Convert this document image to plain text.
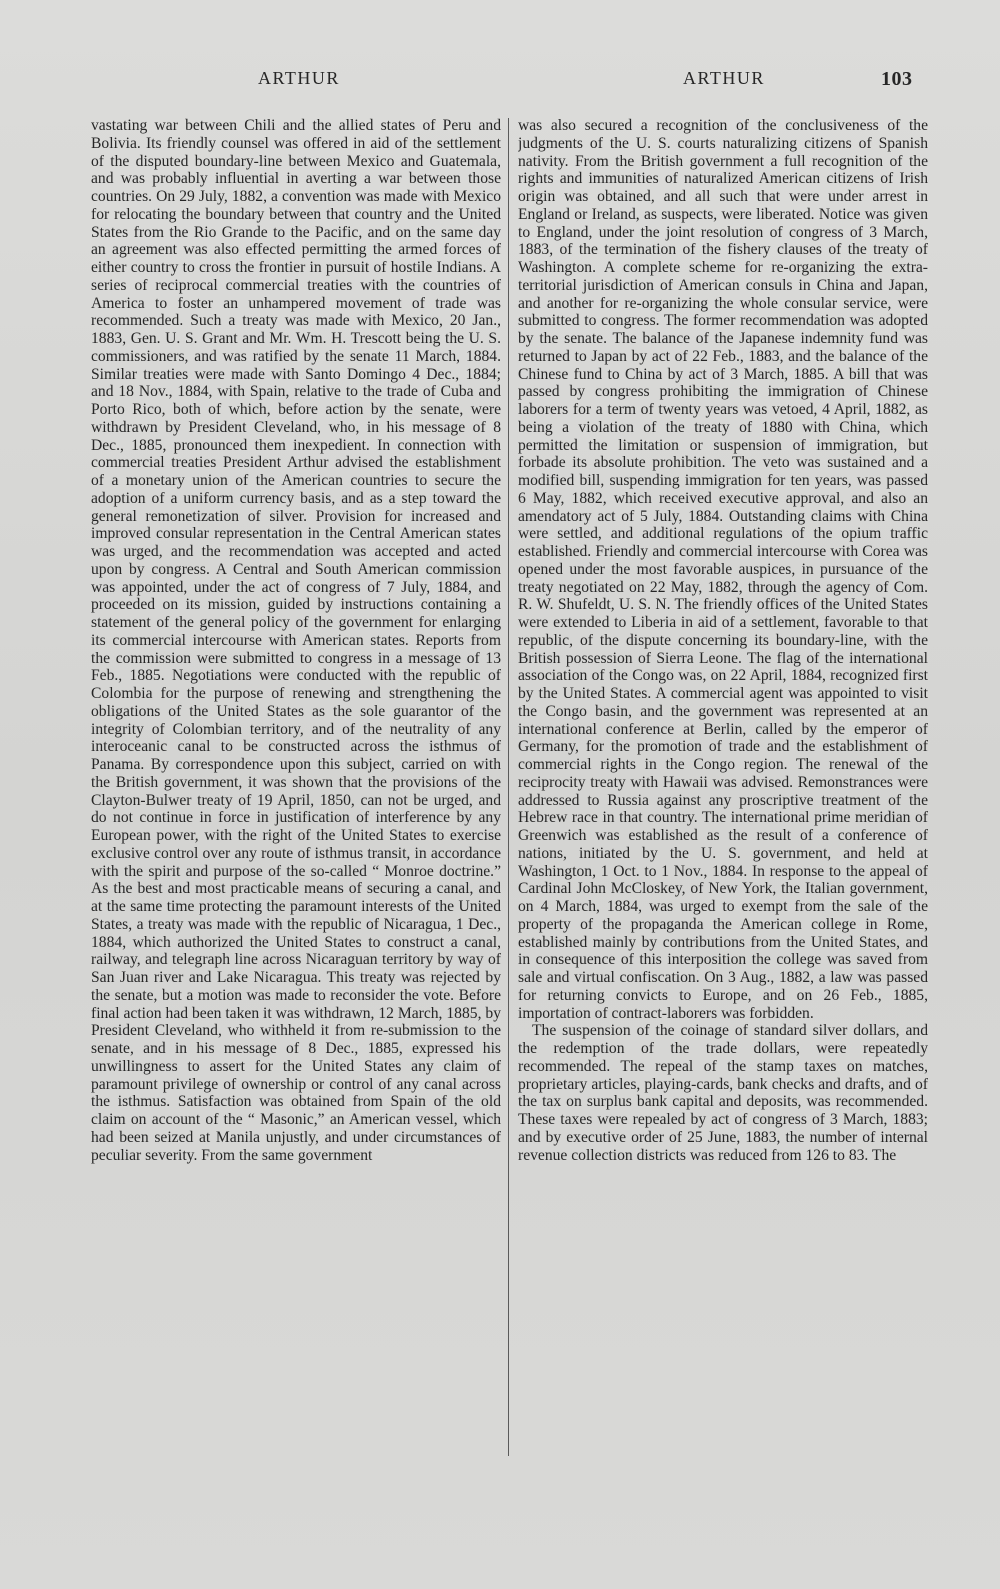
ARTHUR	ARTHUR	103

vastating war between Chili and the allied states of Peru and Bolivia. Its friendly counsel was offered in aid of the settlement of the disputed boundary-line between Mexico and Guatemala, and was probably influential in averting a war between those countries. On 29 July, 1882, a convention was made with Mexico for relocating the boundary between that country and the United States from the Rio Grande to the Pacific, and on the same day an agreement was also effected permitting the armed forces of either country to cross the frontier in pursuit of hostile Indians. A series of reciprocal commercial treaties with the countries of America to foster an unhampered movement of trade was recommended. Such a treaty was made with Mexico, 20 Jan., 1883, Gen. U. S. Grant and Mr. Wm. H. Trescott being the U. S. commissioners, and was ratified by the senate 11 March, 1884. Similar treaties were made with Santo Domingo 4 Dec., 1884; and 18 Nov., 1884, with Spain, relative to the trade of Cuba and Porto Rico, both of which, before action by the senate, were withdrawn by President Cleveland, who, in his message of 8 Dec., 1885, pronounced them inexpedient. In connection with commercial treaties President Arthur advised the establishment of a monetary union of the American countries to secure the adoption of a uniform currency basis, and as a step toward the general remonetization of silver. Provision for increased and improved consular representation in the Central American states was urged, and the recommendation was accepted and acted upon by congress. A Central and South American commission was appointed, under the act of congress of 7 July, 1884, and proceeded on its mission, guided by instructions containing a statement of the general policy of the government for enlarging its commercial intercourse with American states. Reports from the commission were submitted to congress in a message of 13 Feb., 1885. Negotiations were conducted with the republic of Colombia for the purpose of renewing and strengthening the obligations of the United States as the sole guarantor of the integrity of Colombian territory, and of the neutrality of any interoceanic canal to be constructed across the isthmus of Panama. By correspondence upon this subject, carried on with the British government, it was shown that the provisions of the Clayton-Bulwer treaty of 19 April, 1850, can not be urged, and do not continue in force in justification of interference by any European power, with the right of the United States to exercise exclusive control over any route of isthmus transit, in accordance with the spirit and purpose of the so-called “ Monroe doctrine.” As the best and most practicable means of securing a canal, and at the same time protecting the paramount interests of the United States, a treaty was made with the republic of Nicaragua, 1 Dec., 1884, which authorized the United States to construct a canal, railway, and telegraph line across Nicaraguan territory by way of San Juan river and Lake Nicaragua. This treaty was rejected by the senate, but a motion was made to reconsider the vote. Before final action had been taken it was withdrawn, 12 March, 1885, by President Cleveland, who withheld it from re-submission to the senate, and in his message of 8 Dec., 1885, expressed his unwillingness to assert for the United States any claim of paramount privilege of ownership or control of any canal across the isthmus. Satisfaction was obtained from Spain of the old claim on account of the “ Masonic,” an American vessel, which had been seized at Manila unjustly, and under circumstances of peculiar severity. From the same government

was also secured a recognition of the conclusiveness of the judgments of the U. S. courts naturalizing citizens of Spanish nativity. From the British government a full recognition of the rights and immunities of naturalized American citizens of Irish origin was obtained, and all such that were under arrest in England or Ireland, as suspects, were liberated. Notice was given to England, under the joint resolution of congress of 3 March, 1883, of the termination of the fishery clauses of the treaty of Washington. A complete scheme for re-organizing the extra-territorial jurisdiction of American consuls in China and Japan, and another for re-organizing the whole consular service, were submitted to congress. The former recommendation was adopted by the senate. The balance of the Japanese indemnity fund was returned to Japan by act of 22 Feb., 1883, and the balance of the Chinese fund to China by act of 3 March, 1885. A bill that was passed by congress prohibiting the immigration of Chinese laborers for a term of twenty years was vetoed, 4 April, 1882, as being a violation of the treaty of 1880 with China, which permitted the limitation or suspension of immigration, but forbade its absolute prohibition. The veto was sustained and a modified bill, suspending immigration for ten years, was passed 6 May, 1882, which received executive approval, and also an amendatory act of 5 July, 1884. Outstanding claims with China were settled, and additional regulations of the opium traffic established. Friendly and commercial intercourse with Corea was opened under the most favorable auspices, in pursuance of the treaty negotiated on 22 May, 1882, through the agency of Com. R. W. Shufeldt, U. S. N. The friendly offices of the United States were extended to Liberia in aid of a settlement, favorable to that republic, of the dispute concerning its boundary-line, with the British possession of Sierra Leone. The flag of the international association of the Congo was, on 22 April, 1884, recognized first by the United States. A commercial agent was appointed to visit the Congo basin, and the government was represented at an international conference at Berlin, called by the emperor of Germany, for the promotion of trade and the establishment of commercial rights in the Congo region. The renewal of the reciprocity treaty with Hawaii was advised. Remonstrances were addressed to Russia against any proscriptive treatment of the Hebrew race in that country. The international prime meridian of Greenwich was established as the result of a conference of nations, initiated by the U. S. government, and held at Washington, 1 Oct. to 1 Nov., 1884. In response to the appeal of Cardinal John McCloskey, of New York, the Italian government, on 4 March, 1884, was urged to exempt from the sale of the property of the propaganda the American college in Rome, established mainly by contributions from the United States, and in consequence of this interposition the college was saved from sale and virtual confiscation. On 3 Aug., 1882, a law was passed for returning convicts to Europe, and on 26 Feb., 1885, importation of contract-laborers was forbidden.

The suspension of the coinage of standard silver dollars, and the redemption of the trade dollars, were repeatedly recommended. The repeal of the stamp taxes on matches, proprietary articles, playing-cards, bank checks and drafts, and of the tax on surplus bank capital and deposits, was recommended. These taxes were repealed by act of congress of 3 March, 1883; and by executive order of 25 June, 1883, the number of internal revenue collection districts was reduced from 126 to 83. The
